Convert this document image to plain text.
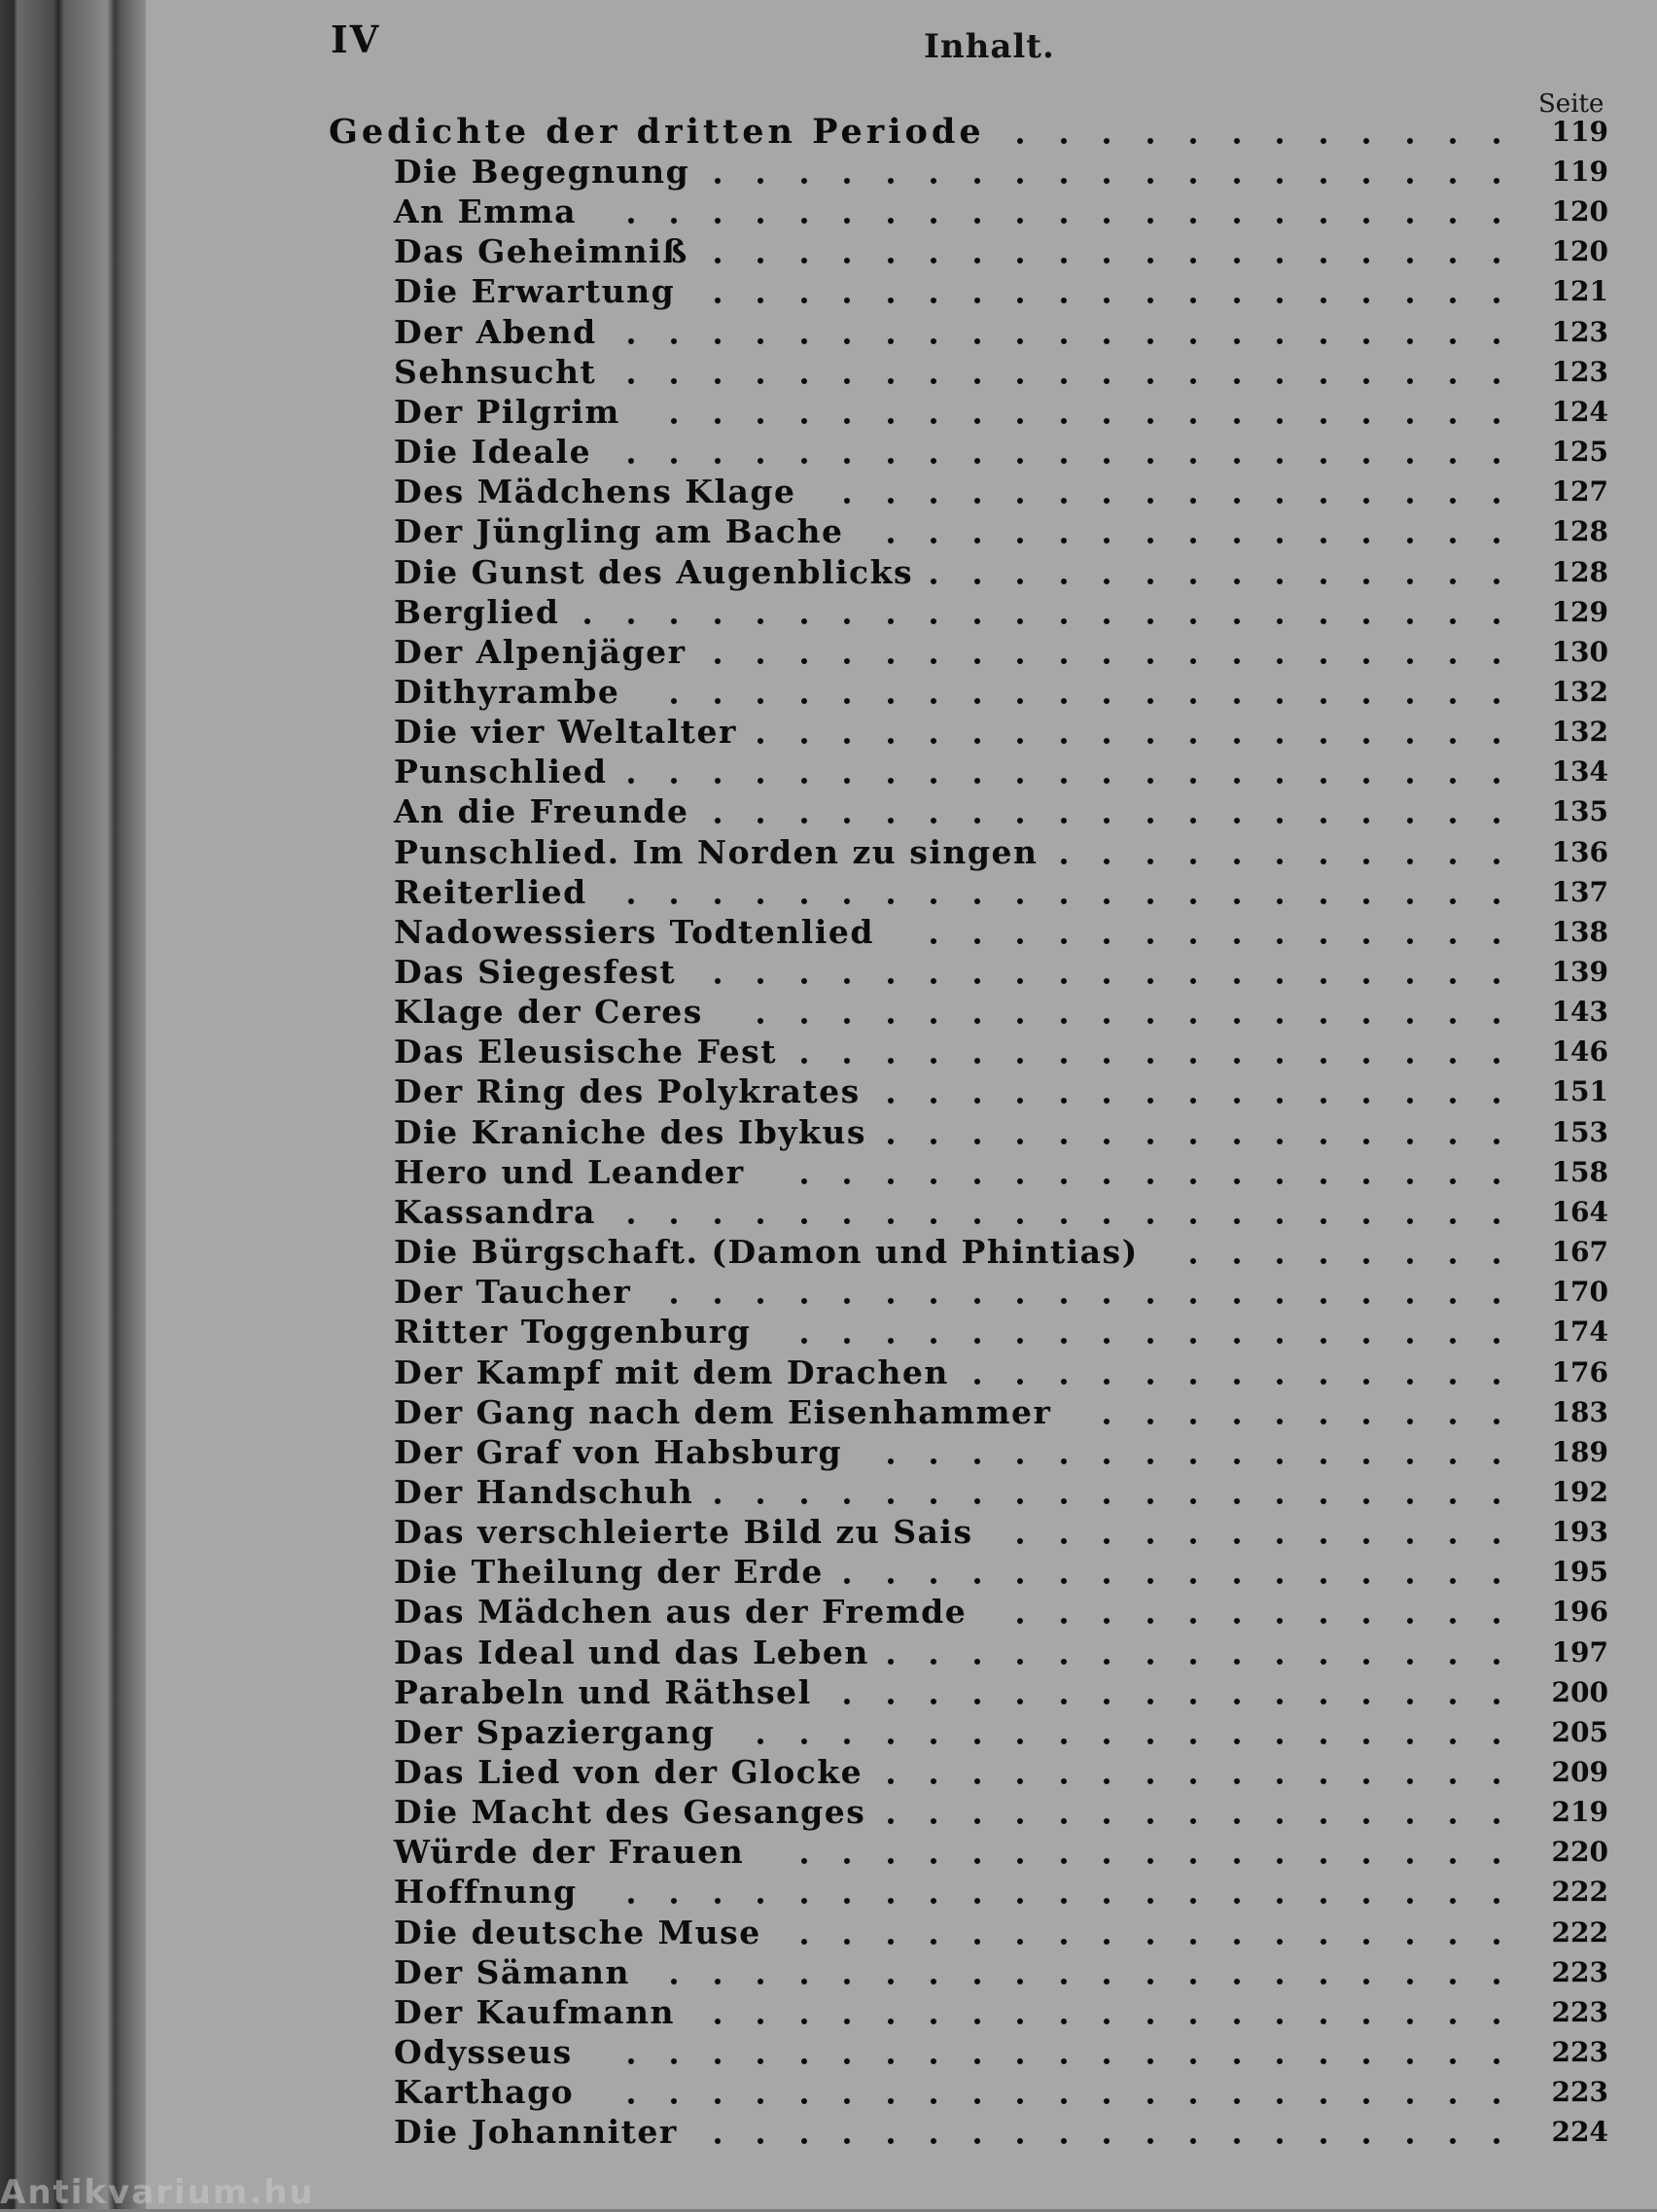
IV	Inhalt.
Seite
Gedichte der dritten Periode	119
Die Begegnung	119
An Emma	120
Das Geheimniß	120
Die Erwartung	121
Der Abend	123
Sehnsucht	123
Der Pilgrim	124
Die Ideale	125
Des Mädchens Klage	127
Der Jüngling am Bache	128
Die Gunst des Augenblicks	128
Berglied	129
Der Alpenjäger	130
Dithyrambe	132
Die vier Weltalter	132
Punschlied	134
An die Freunde	135
Punschlied. Im Norden zu singen	136
Reiterlied	137
Nadowessiers Todtenlied	138
Das Siegesfest	139
Klage der Ceres	143
Das Eleusische Fest	146
Der Ring des Polykrates	151
Die Kraniche des Ibykus	153
Hero und Leander	158
Kassandra	164
Die Bürgschaft. (Damon und Phintias)	167
Der Taucher	170
Ritter Toggenburg	174
Der Kampf mit dem Drachen	176
Der Gang nach dem Eisenhammer	183
Der Graf von Habsburg	189
Der Handschuh	192
Das verschleierte Bild zu Sais	193
Die Theilung der Erde	195
Das Mädchen aus der Fremde	196
Das Ideal und das Leben	197
Parabeln und Räthsel	200
Der Spaziergang	205
Das Lied von der Glocke	209
Die Macht des Gesanges	219
Würde der Frauen	220
Hoffnung	222
Die deutsche Muse	222
Der Sämann	223
Der Kaufmann	223
Odysseus	223
Karthago	223
Die Johanniter	224
Antikvarium.hu
